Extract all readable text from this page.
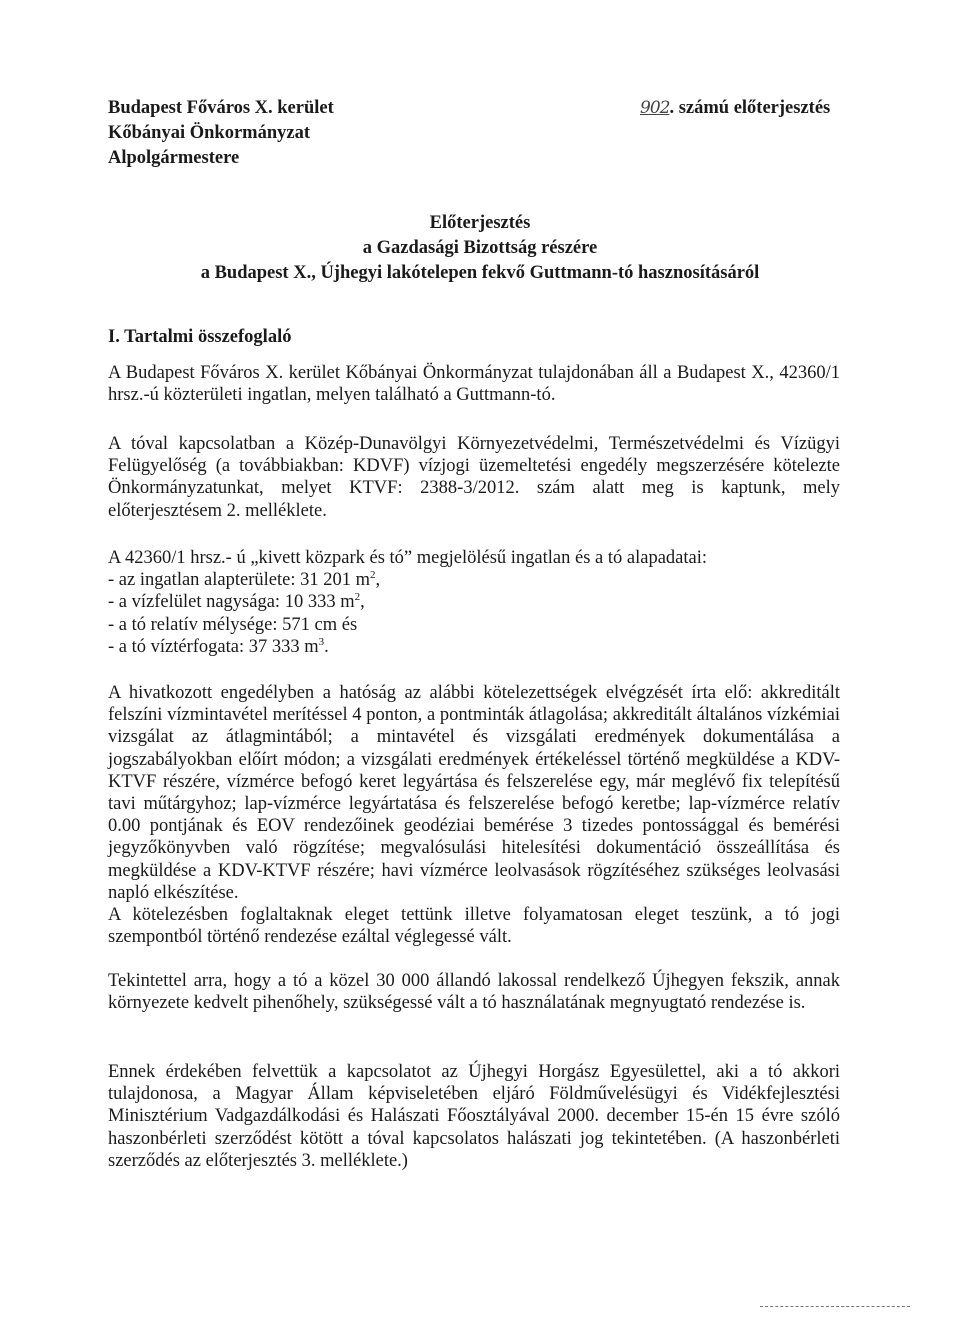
Budapest Főváros X. kerület
Kőbányai Önkormányzat
Alpolgármestere
902. számú előterjesztés
Előterjesztés
a Gazdasági Bizottság részére
a Budapest X., Újhegyi lakótelepen fekvő Guttmann-tó hasznosításáról
I. Tartalmi összefoglaló

A Budapest Főváros X. kerület Kőbányai Önkormányzat tulajdonában áll a Budapest X., 42360/1 hrsz.-ú közterületi ingatlan, melyen található a Guttmann-tó.

A tóval kapcsolatban a Közép-Dunavölgyi Környezetvédelmi, Természetvédelmi és Vízügyi Felügyelőség (a továbbiakban: KDVF) vízjogi üzemeltetési engedély megszerzésére kötelezte Önkormányzatunkat, melyet KTVF: 2388-3/2012. szám alatt meg is kaptunk, mely előterjesztésem 2. melléklete.

A 42360/1 hrsz.- ú „kivett közpark és tó” megjelölésű ingatlan és a tó alapadatai:
- az ingatlan alapterülete: 31 201 $m^2$,
- a vízfelület nagysága: 10 333 $m^2$,
- a tó relatív mélysége: 571 cm és
- a tó víztérfogata: 37 333 $m^3$.

A hivatkozott engedélyben a hatóság az alábbi kötelezettségek elvégzését írta elő: akkreditált felszíni vízmintavétel merítéssel 4 ponton, a pontminták átlagolása; akkreditált általános vízkémiai vizsgálat az átlagmintából; a mintavétel és vizsgálati eredmények dokumentálása a jogszabályokban előírt módon; a vizsgálati eredmények értékeléssel történő megküldése a KDV-KTVF részére, vízmérce befogó keret legyártása és felszerelése egy, már meglévő fix telepítésű tavi műtárgyhoz; lap-vízmérce legyártatása és felszerelése befogó keretbe; lap-vízmérce relatív 0.00 pontjának és EOV rendezőinek geodéziai bemérése 3 tizedes pontossággal és bemérési jegyzőkönyvben való rögzítése; megvalósulási hitelesítési dokumentáció összeállítása és megküldése a KDV-KTVF részére; havi vízmérce leolvasások rögzítéséhez szükséges leolvasási napló elkészítése.

A kötelezésben foglaltaknak eleget tettünk illetve folyamatosan eleget teszünk, a tó jogi szempontból történő rendezése ezáltal véglegessé vált.

Tekintettel arra, hogy a tó a közel 30 000 állandó lakossal rendelkező Újhegyen fekszik, annak környezete kedvelt pihenőhely, szükségessé vált a tó használatának megnyugtató rendezése is.

Ennek érdekében felvettük a kapcsolatot az Újhegyi Horgász Egyesülettel, aki a tó akkori tulajdonosa, a Magyar Állam képviseletében eljáró Földművelésügyi és Vidékfejlesztési Minisztérium Vadgazdálkodási és Halászati Főosztályával 2000. december 15-én 15 évre szóló haszonbérleti szerződést kötött a tóval kapcsolatos halászati jog tekintetében. (A haszonbérleti szerződés az előterjesztés 3. melléklete.)
